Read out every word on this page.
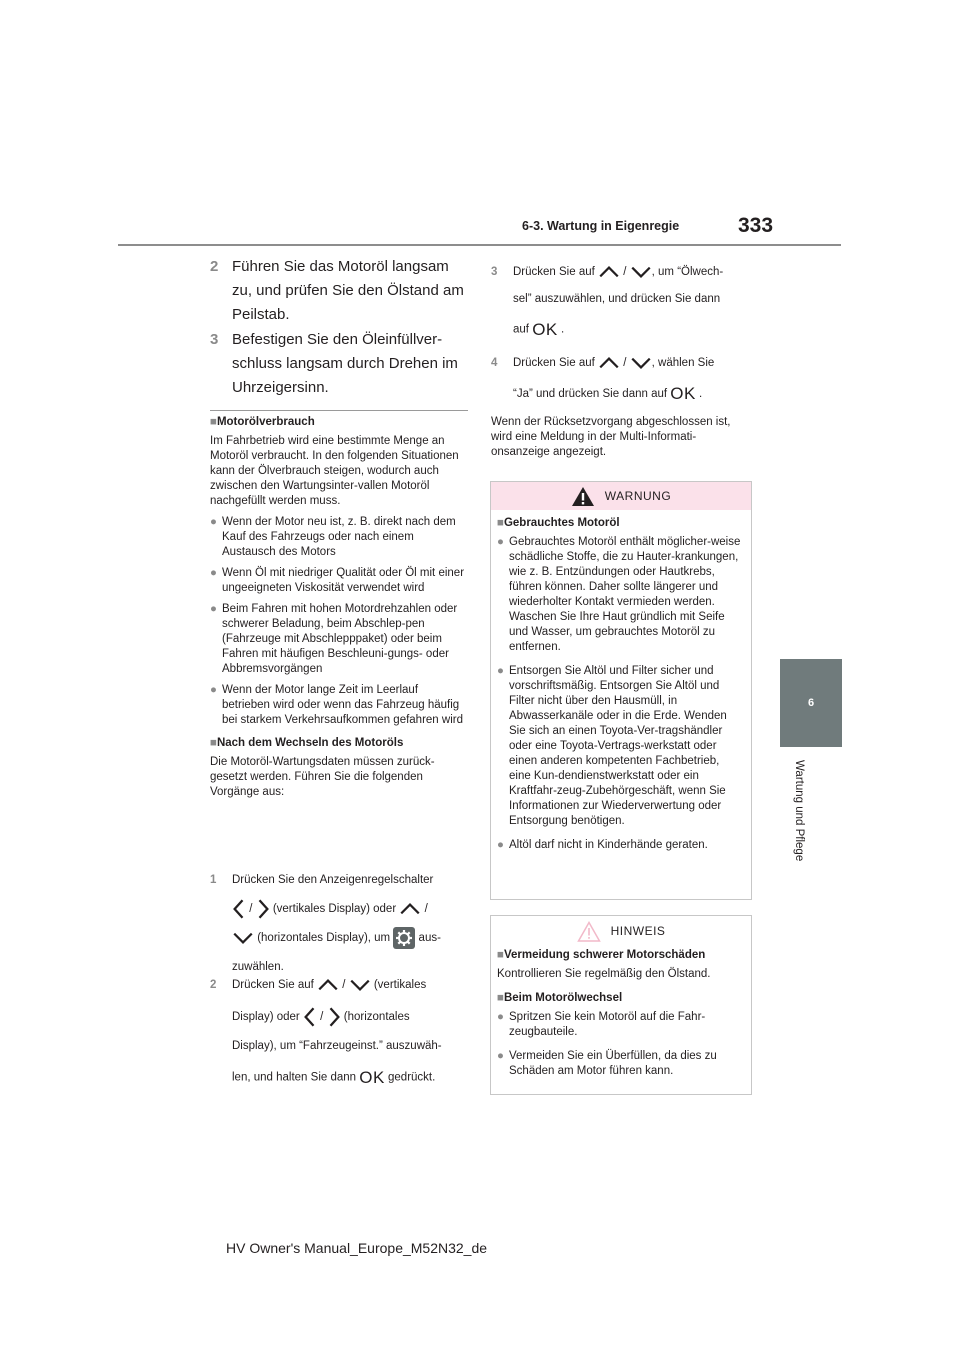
6-3. Wartung in Eigenregie	333
6
Wartung und Pflege
2 Führen Sie das Motoröl langsam zu, und prüfen Sie den Ölstand am Peilstab.
3 Befestigen Sie den Öleinfüllver-schluss langsam durch Drehen im Uhrzeigersinn.
■Motorölverbrauch
Im Fahrbetrieb wird eine bestimmte Menge an Motoröl verbraucht. In den folgenden Situationen kann der Ölverbrauch steigen, wodurch auch zwischen den Wartungsinter-vallen Motoröl nachgefüllt werden muss.
● Wenn der Motor neu ist, z. B. direkt nach dem Kauf des Fahrzeugs oder nach einem Austausch des Motors
● Wenn Öl mit niedriger Qualität oder Öl mit einer ungeeigneten Viskosität verwendet wird
● Beim Fahren mit hohen Motordrehzahlen oder schwerer Beladung, beim Abschlep-pen (Fahrzeuge mit Abschlepppaket) oder beim Fahren mit häufigen Beschleuni-gungs- oder Abbremsvorgängen
● Wenn der Motor lange Zeit im Leerlauf betrieben wird oder wenn das Fahrzeug häufig bei starkem Verkehrsaufkommen gefahren wird
■Nach dem Wechseln des Motoröls
Die Motoröl-Wartungsdaten müssen zurück-gesetzt werden. Führen Sie die folgenden Vorgänge aus:
1 Drücken Sie den Anzeigenregelschalter
/ (vertikales Display) oder /
(horizontales Display), um aus-
zuwählen.
2 Drücken Sie auf / (vertikales
Display) oder / (horizontales
Display), um “Fahrzeugeinst.” auszuwäh-
len, und halten Sie dann OK gedrückt.
3 Drücken Sie auf / , um “Ölwech-
sel” auszuwählen, und drücken Sie dann
auf OK .
4 Drücken Sie auf / , wählen Sie
“Ja” und drücken Sie dann auf OK .
Wenn der Rücksetzvorgang abgeschlossen ist, wird eine Meldung in der Multi-Informati-onsanzeige angezeigt.
WARNUNG
■Gebrauchtes Motoröl
● Gebrauchtes Motoröl enthält möglicher-weise schädliche Stoffe, die zu Hauter-krankungen, wie z. B. Entzündungen oder Hautkrebs, führen können. Daher sollte längerer und wiederholter Kontakt vermieden werden. Waschen Sie Ihre Haut gründlich mit Seife und Wasser, um gebrauchtes Motoröl zu entfernen.
● Entsorgen Sie Altöl und Filter sicher und vorschriftsmäßig. Entsorgen Sie Altöl und Filter nicht über den Hausmüll, in Abwasserkanäle oder in die Erde. Wenden Sie sich an einen Toyota-Ver-tragshändler oder eine Toyota-Vertrags-werkstatt oder einen anderen kompetenten Fachbetrieb, eine Kun-dendienstwerkstatt oder ein Kraftfahr-zeug-Zubehörgeschäft, wenn Sie Informationen zur Wiederverwertung oder Entsorgung benötigen.
● Altöl darf nicht in Kinderhände geraten.
HINWEIS
■Vermeidung schwerer Motorschäden
Kontrollieren Sie regelmäßig den Ölstand.
■Beim Motorölwechsel
● Spritzen Sie kein Motoröl auf die Fahr-zeugbauteile.
● Vermeiden Sie ein Überfüllen, da dies zu Schäden am Motor führen kann.
HV Owner's Manual_Europe_M52N32_de
